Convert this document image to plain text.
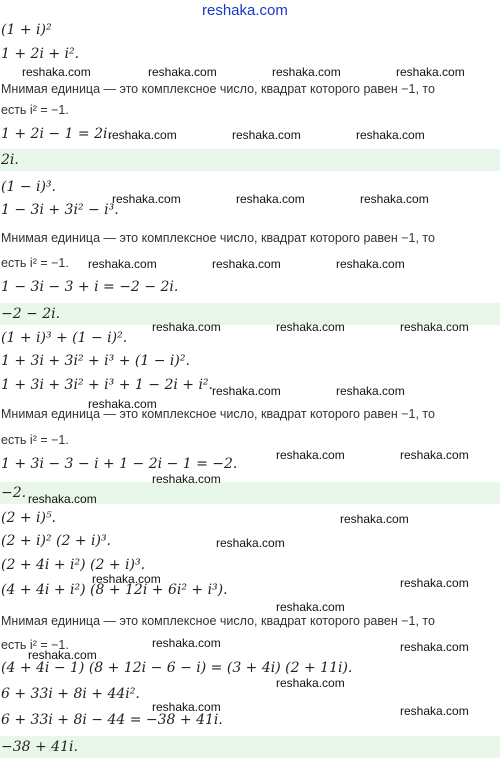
reshaka.com
(1 + i)²
1 + 2i + i².
Мнимая единица — это комплексное число, квадрат которого равен −1, то
есть i² = −1.
1 + 2i − 1 = 2i.
2i.
(1 − i)³.
1 − 3i + 3i² − i³.
Мнимая единица — это комплексное число, квадрат которого равен −1, то
есть i² = −1.
1 − 3i − 3 + i = −2 − 2i.
−2 − 2i.
(1 + i)³ + (1 − i)².
1 + 3i + 3i² + i³ + (1 − i)².
1 + 3i + 3i² + i³ + 1 − 2i + i².
Мнимая единица — это комплексное число, квадрат которого равен −1, то
есть i² = −1.
1 + 3i − 3 − i + 1 − 2i − 1 = −2.
−2.
(2 + i)⁵.
(2 + i)² (2 + i)³.
(2 + 4i + i²) (2 + i)³.
(4 + 4i + i²) (8 + 12i + 6i² + i³).
Мнимая единица — это комплексное число, квадрат которого равен −1, то
есть i² = −1.
(4 + 4i − 1) (8 + 12i − 6 − i) = (3 + 4i) (2 + 11i).
6 + 33i + 8i + 44i².
6 + 33i + 8i − 44 = −38 + 41i.
−38 + 41i.
reshaka.com	reshaka.com	reshaka.com	reshaka.com
reshaka.com	reshaka.com	reshaka.com
reshaka.com	reshaka.com	reshaka.com
reshaka.com	reshaka.com	reshaka.com
reshaka.com	reshaka.com	reshaka.com
reshaka.com	reshaka.com
reshaka.com
reshaka.com	reshaka.com
reshaka.com
reshaka.com
reshaka.com
reshaka.com
reshaka.com	reshaka.com
reshaka.com
reshaka.com	reshaka.com
reshaka.com
reshaka.com
reshaka.com	reshaka.com
